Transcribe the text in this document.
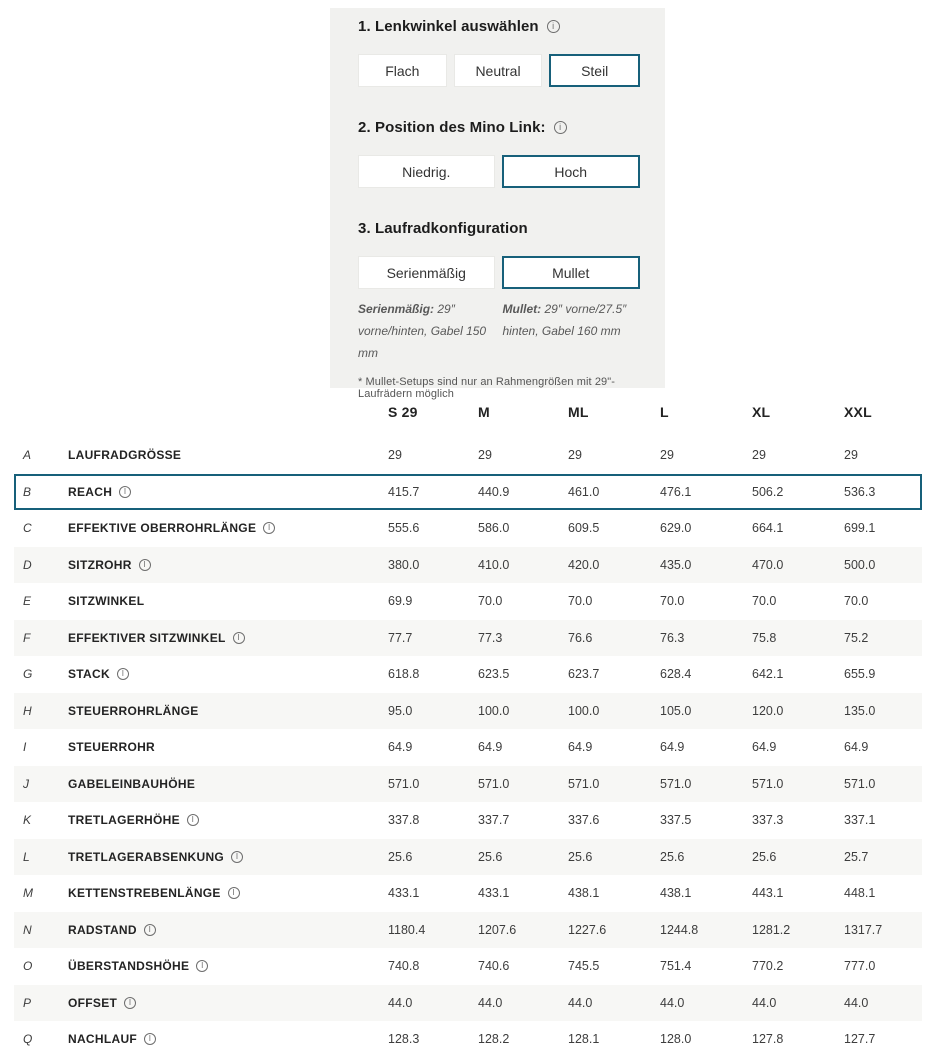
1. Lenkwinkel auswählen	i
Flach	Neutral	Steil
2. Position des Mino Link:	i
Niedrig.	Hoch
3. Laufradkonfiguration
Serienmäßig	Mullet
Serienmäßig: 29″ vorne/hinten, Gabel 150 mm
Mullet: 29″ vorne/27.5″ hinten, Gabel 160 mm
* Mullet-Setups sind nur an Rahmengrößen mit 29"-Laufrädern möglich
S 29	M	ML	L	XL	XXL
A	LAUFRADGRÖSSE	29	29	29	29	29	29
B	REACH	I	415.7	440.9	461.0	476.1	506.2	536.3
C	EFFEKTIVE OBERROHRLÄNGE	I	555.6	586.0	609.5	629.0	664.1	699.1
D	SITZROHR	I	380.0	410.0	420.0	435.0	470.0	500.0
E	SITZWINKEL	69.9	70.0	70.0	70.0	70.0	70.0
F	EFFEKTIVER SITZWINKEL	I	77.7	77.3	76.6	76.3	75.8	75.2
G	STACK	I	618.8	623.5	623.7	628.4	642.1	655.9
H	STEUERROHRLÄNGE	95.0	100.0	100.0	105.0	120.0	135.0
I	STEUERROHR	64.9	64.9	64.9	64.9	64.9	64.9
J	GABELEINBAUHÖHE	571.0	571.0	571.0	571.0	571.0	571.0
K	TRETLAGERHÖHE	I	337.8	337.7	337.6	337.5	337.3	337.1
L	TRETLAGERABSENKUNG	I	25.6	25.6	25.6	25.6	25.6	25.7
M	KETTENSTREBENLÄNGE	I	433.1	433.1	438.1	438.1	443.1	448.1
N	RADSTAND	I	1180.4	1207.6	1227.6	1244.8	1281.2	1317.7
O	ÜBERSTANDSHÖHE	I	740.8	740.6	745.5	751.4	770.2	777.0
P	OFFSET	I	44.0	44.0	44.0	44.0	44.0	44.0
Q	NACHLAUF	I	128.3	128.2	128.1	128.0	127.8	127.7
